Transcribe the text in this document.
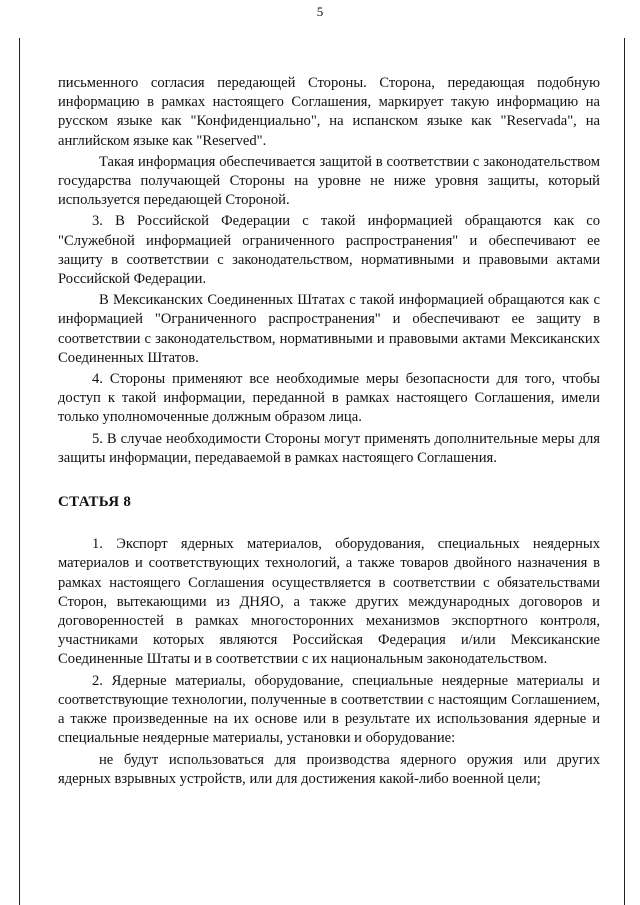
5

письменного согласия передающей Стороны. Сторона, передающая подобную информацию в рамках настоящего Соглашения, маркирует такую информацию на русском языке как "Конфиденциально", на испанском языке как "Reservada", на английском языке как "Reserved".

Такая информация обеспечивается защитой в соответствии с законодательством государства получающей Стороны на уровне не ниже уровня защиты, который используется передающей Стороной.

3. В Российской Федерации с такой информацией обращаются как со "Служебной информацией ограниченного распространения" и обеспечивают ее защиту в соответствии с законодательством, нормативными и правовыми актами Российской Федерации.

В Мексиканских Соединенных Штатах с такой информацией обращаются как с информацией "Ограниченного распространения" и обеспечивают ее защиту в соответствии с законодательством, нормативными и правовыми актами Мексиканских Соединенных Штатов.

4. Стороны применяют все необходимые меры безопасности для того, чтобы доступ к такой информации, переданной в рамках настоящего Соглашения, имели только уполномоченные должным образом лица.

5. В случае необходимости Стороны могут применять дополнительные меры для защиты информации, передаваемой в рамках настоящего Соглашения.

СТАТЬЯ 8

1. Экспорт ядерных материалов, оборудования, специальных неядерных материалов и соответствующих технологий, а также товаров двойного назначения в рамках настоящего Соглашения осуществляется в соответствии с обязательствами Сторон, вытекающими из ДНЯО, а также других международных договоров и договоренностей в рамках многосторонних механизмов экспортного контроля, участниками которых являются Российская Федерация и/или Мексиканские Соединенные Штаты и в соответствии с их национальным законодательством.

2. Ядерные материалы, оборудование, специальные неядерные материалы и соответствующие технологии, полученные в соответствии с настоящим Соглашением, а также произведенные на их основе или в результате их использования ядерные и специальные неядерные материалы, установки и оборудование:

не будут использоваться для производства ядерного оружия или других ядерных взрывных устройств, или для достижения какой-либо военной цели;
